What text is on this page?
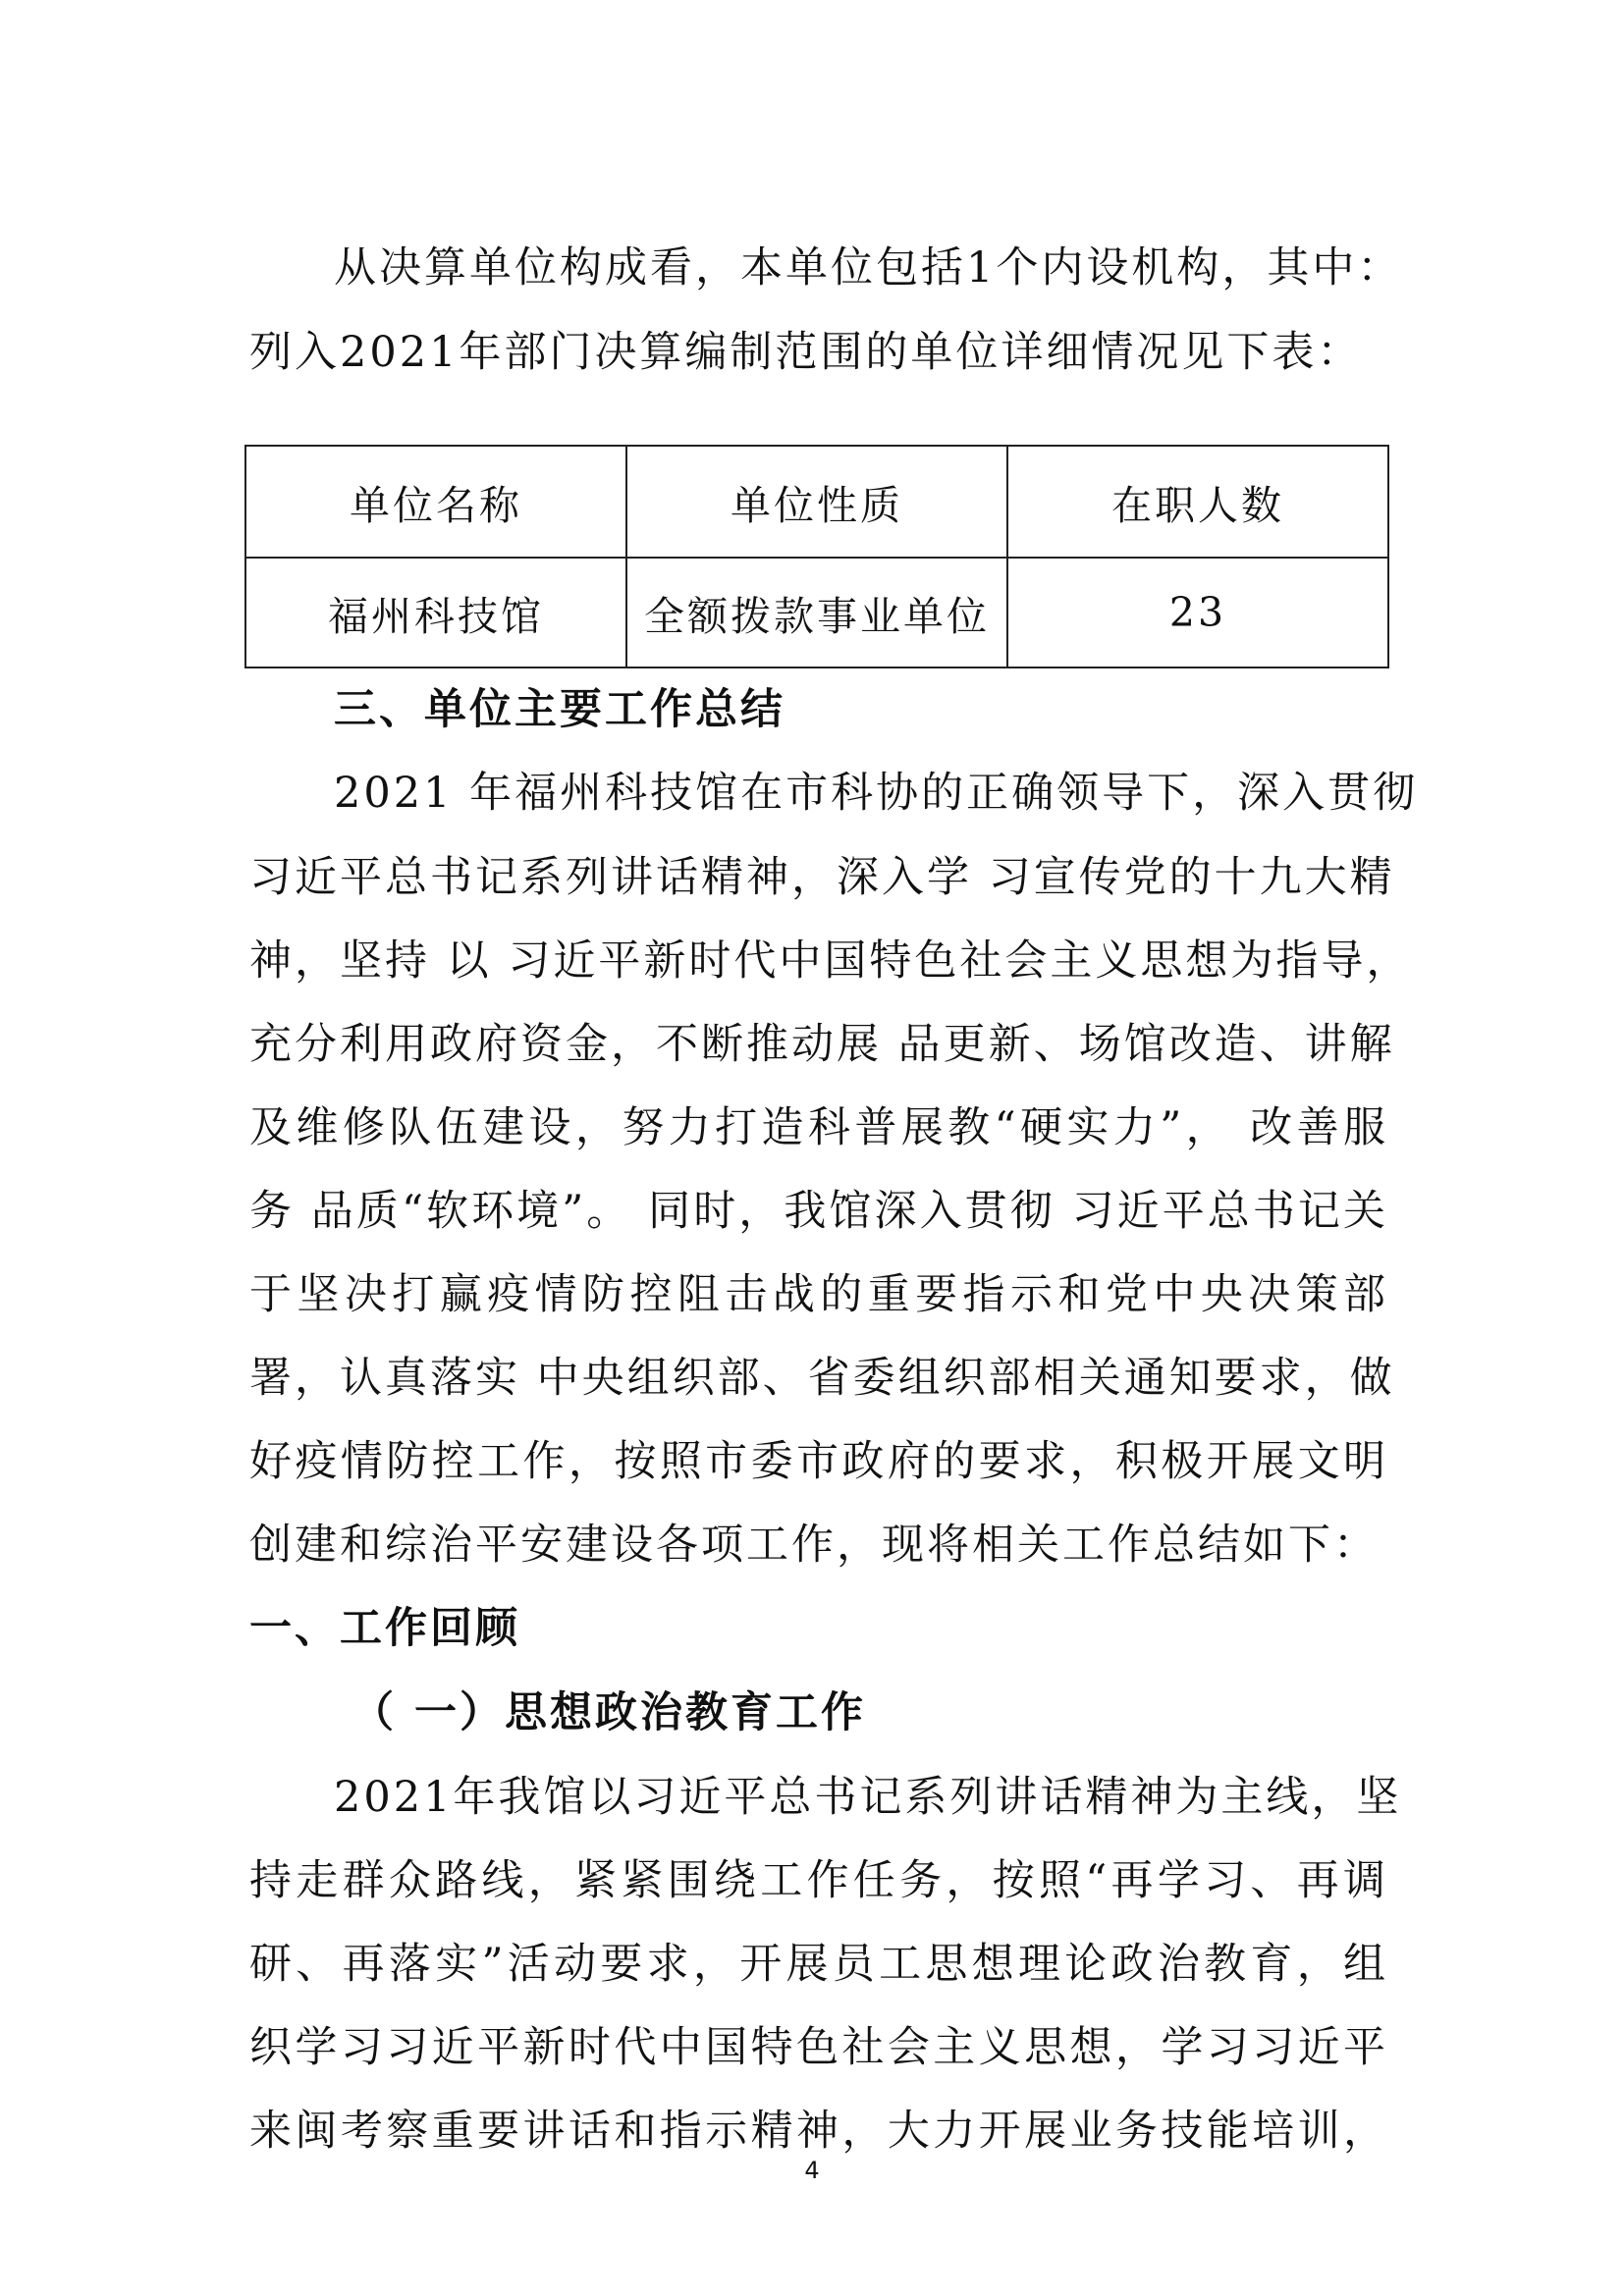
从决算单位构成看，本单位包括1个内设机构，其中：
列入2021年部门决算编制范围的单位详细情况见下表：
单位名称	单位性质	在职人数
福州科技馆	全额拨款事业单位	23
三、单位主要工作总结
2021 年福州科技馆在市科协的正确领导下，深入贯彻
习近平总书记系列讲话精神，深入学 习宣传党的十九大精
神，坚持 以 习近平新时代中国特色社会主义思想为指导，
充分利用政府资金，不断推动展 品更新、场馆改造、讲解
及维修队伍建设，努力打造科普展教“硬实力”， 改善服
务 品质“软环境”。 同时，我馆深入贯彻 习近平总书记关
于坚决打赢疫情防控阻击战的重要指示和党中央决策部
署，认真落实 中央组织部、省委组织部相关通知要求，做
好疫情防控工作，按照市委市政府的要求，积极开展文明
创建和综治平安建设各项工作，现将相关工作总结如下：
一、工作回顾
（ 一）思想政治教育工作
2021年我馆以习近平总书记系列讲话精神为主线，坚
持走群众路线，紧紧围绕工作任务，按照“再学习、再调
研、再落实”活动要求，开展员工思想理论政治教育，组
织学习习近平新时代中国特色社会主义思想，学习习近平
来闽考察重要讲话和指示精神，大力开展业务技能培训，
4
